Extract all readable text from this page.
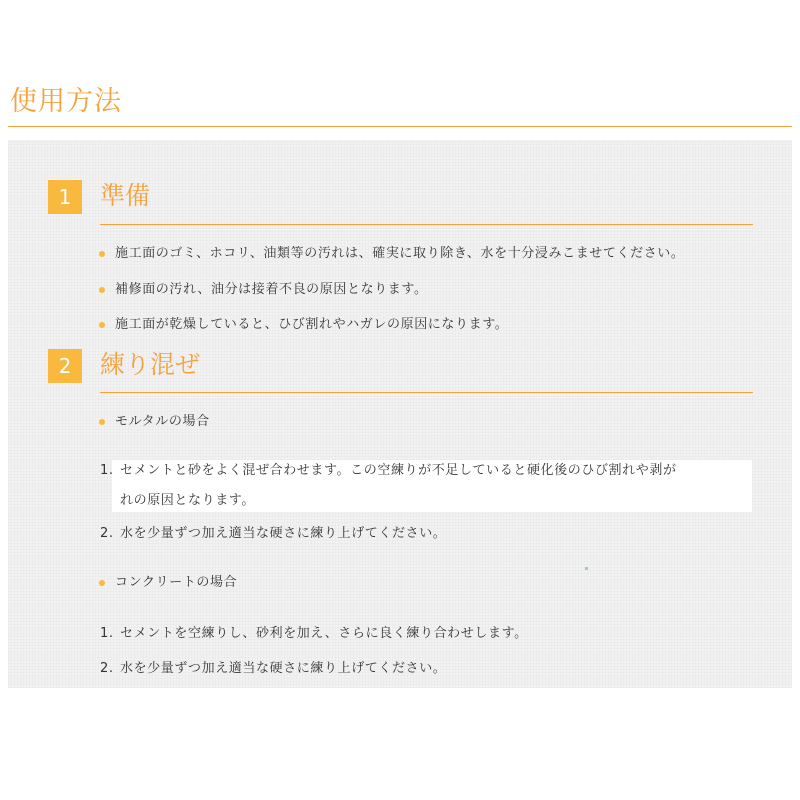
使用方法
1	準備
施工面のゴミ、ホコリ、油類等の汚れは、確実に取り除き、水を十分浸みこませてください。
補修面の汚れ、油分は接着不良の原因となります。
施工面が乾燥していると、ひび割れやハガレの原因になります。
2	練り混ぜ
モルタルの場合
1. セメントと砂をよく混ぜ合わせます。この空練りが不足していると硬化後のひび割れや剥が
れの原因となります。
2. 水を少量ずつ加え適当な硬さに練り上げてください。
コンクリートの場合
1. セメントを空練りし、砂利を加え、さらに良く練り合わせします。
2. 水を少量ずつ加え適当な硬さに練り上げてください。
